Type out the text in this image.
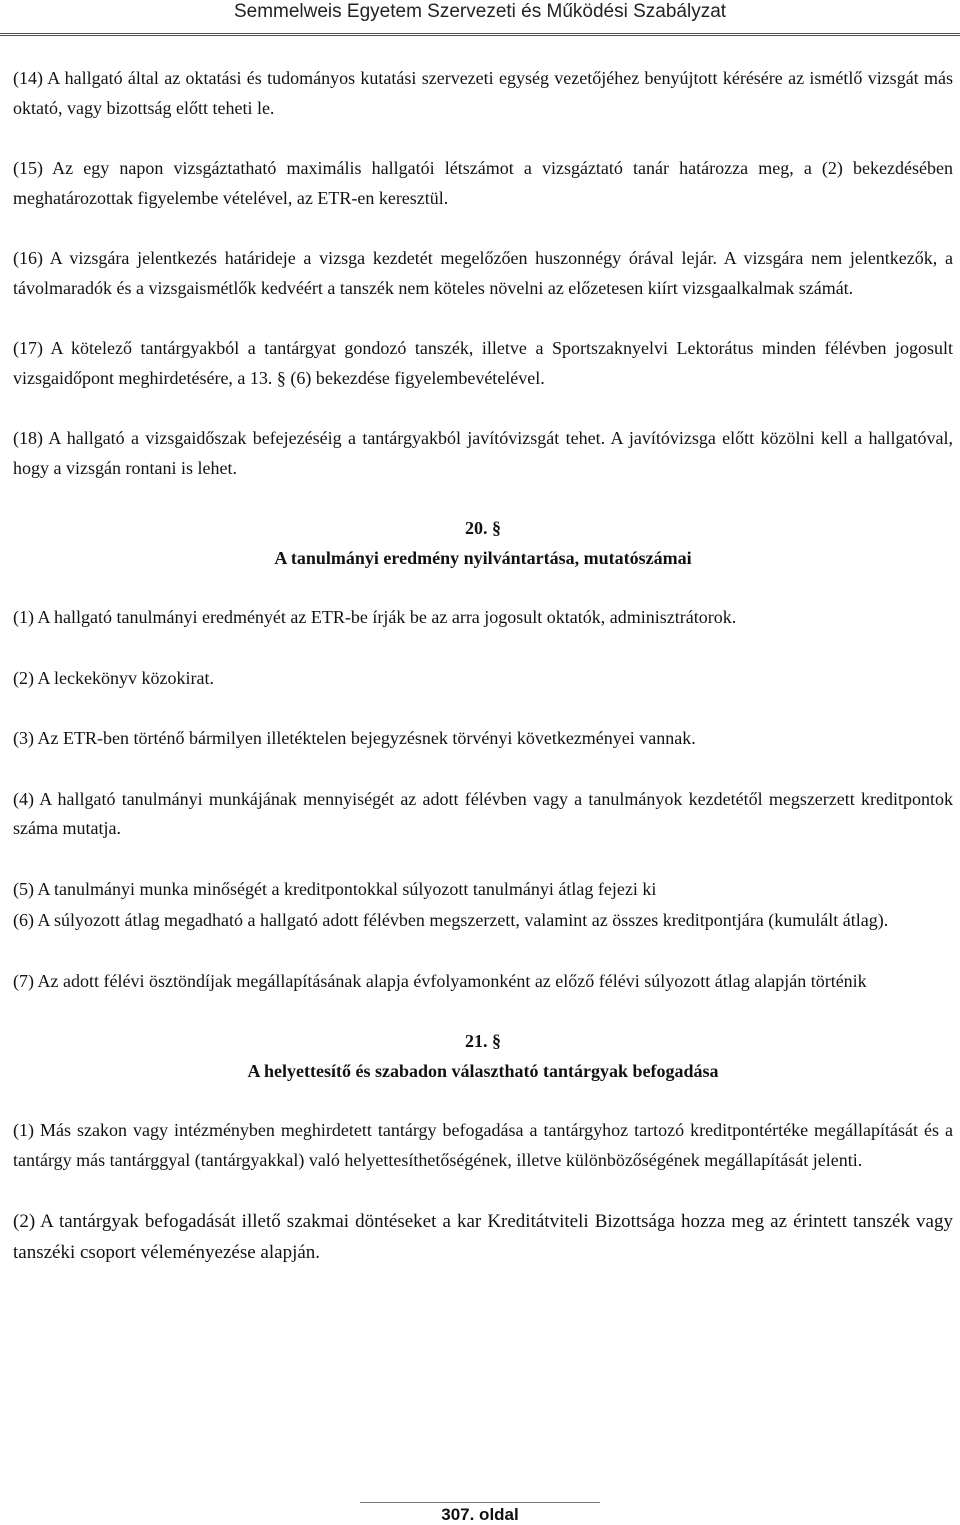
Semmelweis Egyetem Szervezeti és Működési Szabályzat

(14) A hallgató által az oktatási és tudományos kutatási szervezeti egység vezetőjéhez benyújtott kérésére az ismétlő vizsgát más oktató, vagy bizottság előtt teheti le.

(15) Az egy napon vizsgáztatható maximális hallgatói létszámot a vizsgáztató tanár határozza meg, a (2) bekezdésében meghatározottak figyelembe vételével, az ETR-en keresztül.

(16) A vizsgára jelentkezés határideje a vizsga kezdetét megelőzően huszonnégy órával lejár. A vizsgára nem jelentkezők, a távolmaradók és a vizsgaismétlők kedvéért a tanszék nem köteles növelni az előzetesen kiírt vizsgaalkalmak számát.

(17) A kötelező tantárgyakból a tantárgyat gondozó tanszék, illetve a Sportszaknyelvi Lektorátus minden félévben jogosult vizsgaidőpont meghirdetésére, a 13. § (6) bekezdése figyelembevételével.

(18) A hallgató a vizsgaidőszak befejezéséig a tantárgyakból javítóvizsgát tehet. A javítóvizsga előtt közölni kell a hallgatóval, hogy a vizsgán rontani is lehet.

20. §
A tanulmányi eredmény nyilvántartása, mutatószámai

(1) A hallgató tanulmányi eredményét az ETR-be írják be az arra jogosult oktatók, adminisztrátorok.

(2) A leckekönyv közokirat.

(3) Az ETR-ben történő bármilyen illetéktelen bejegyzésnek törvényi következményei vannak.

(4) A hallgató tanulmányi munkájának mennyiségét az adott félévben vagy a tanulmányok kezdetétől megszerzett kreditpontok száma mutatja.

(5) A tanulmányi munka minőségét a kreditpontokkal súlyozott tanulmányi átlag fejezi ki

(6) A súlyozott átlag megadható a hallgató adott félévben megszerzett, valamint az összes kreditpontjára (kumulált átlag).

(7) Az adott félévi ösztöndíjak megállapításának alapja évfolyamonként az előző félévi súlyozott átlag alapján történik

21. §
A helyettesítő és szabadon választható tantárgyak befogadása

(1) Más szakon vagy intézményben meghirdetett tantárgy befogadása a tantárgyhoz tartozó kreditpontértéke megállapítását és a tantárgy más tantárggyal (tantárgyakkal) való helyettesíthetőségének, illetve különbözőségének megállapítását jelenti.

(2) A tantárgyak befogadását illető szakmai döntéseket a kar Kreditátviteli Bizottsága hozza meg az érintett tanszék vagy tanszéki csoport véleményezése alapján.

307. oldal
